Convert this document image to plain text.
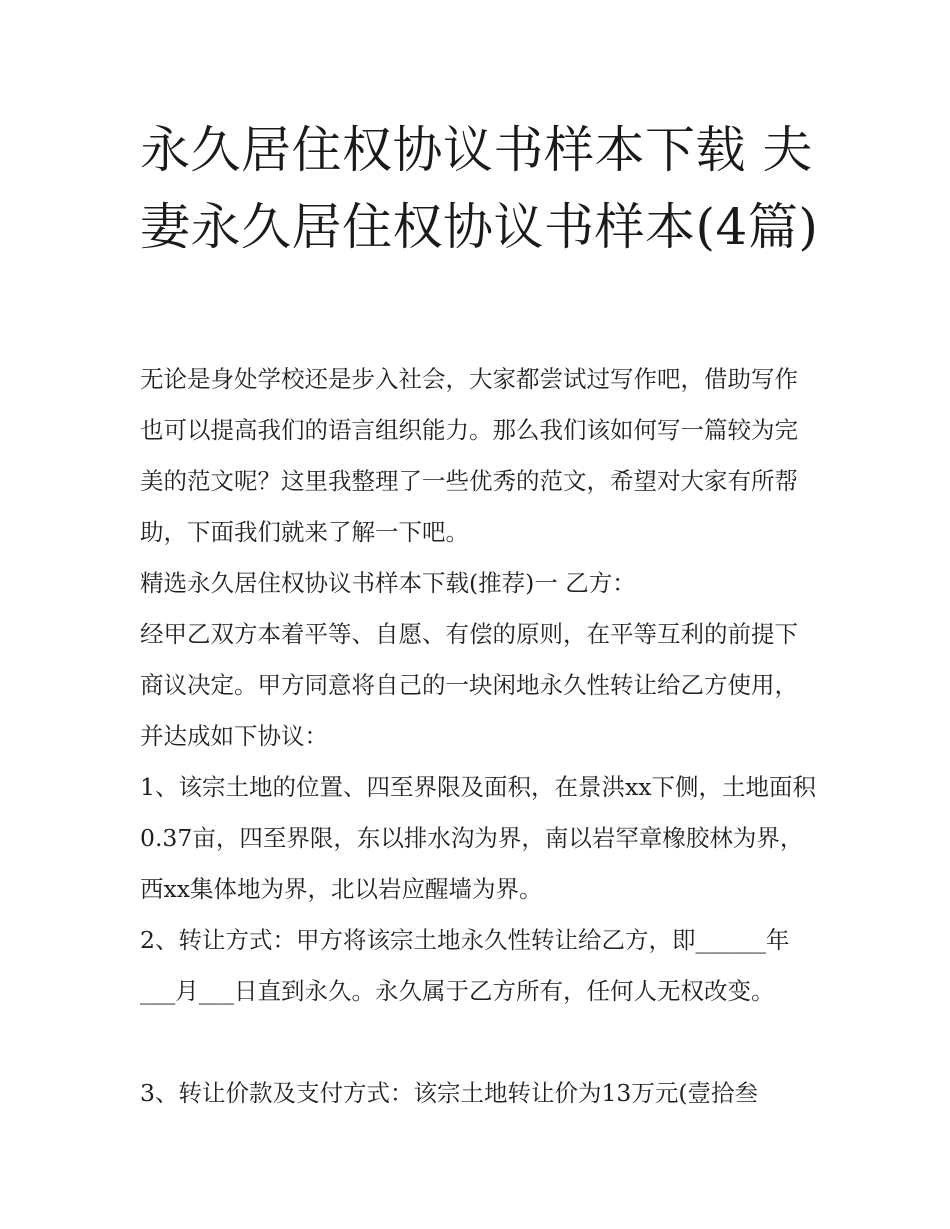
永久居住权协议书样本下载 夫妻永久居住权协议书样本(4篇)

无论是身处学校还是步入社会，大家都尝试过写作吧，借助写作也可以提高我们的语言组织能力。那么我们该如何写一篇较为完美的范文呢？这里我整理了一些优秀的范文，希望对大家有所帮助，下面我们就来了解一下吧。

精选永久居住权协议书样本下载(推荐)一 乙方：

经甲乙双方本着平等、自愿、有偿的原则，在平等互利的前提下商议决定。甲方同意将自己的一块闲地永久性转让给乙方使用，并达成如下协议：

1、该宗土地的位置、四至界限及面积，在景洪xx下侧，土地面积0.37亩，四至界限，东以排水沟为界，南以岩罕章橡胶林为界，西xx集体地为界，北以岩应醒墙为界。

2、转让方式：甲方将该宗土地永久性转让给乙方，即______年___月___日直到永久。永久属于乙方所有，任何人无权改变。

3、转让价款及支付方式：该宗土地转让价为13万元(壹拾叁
